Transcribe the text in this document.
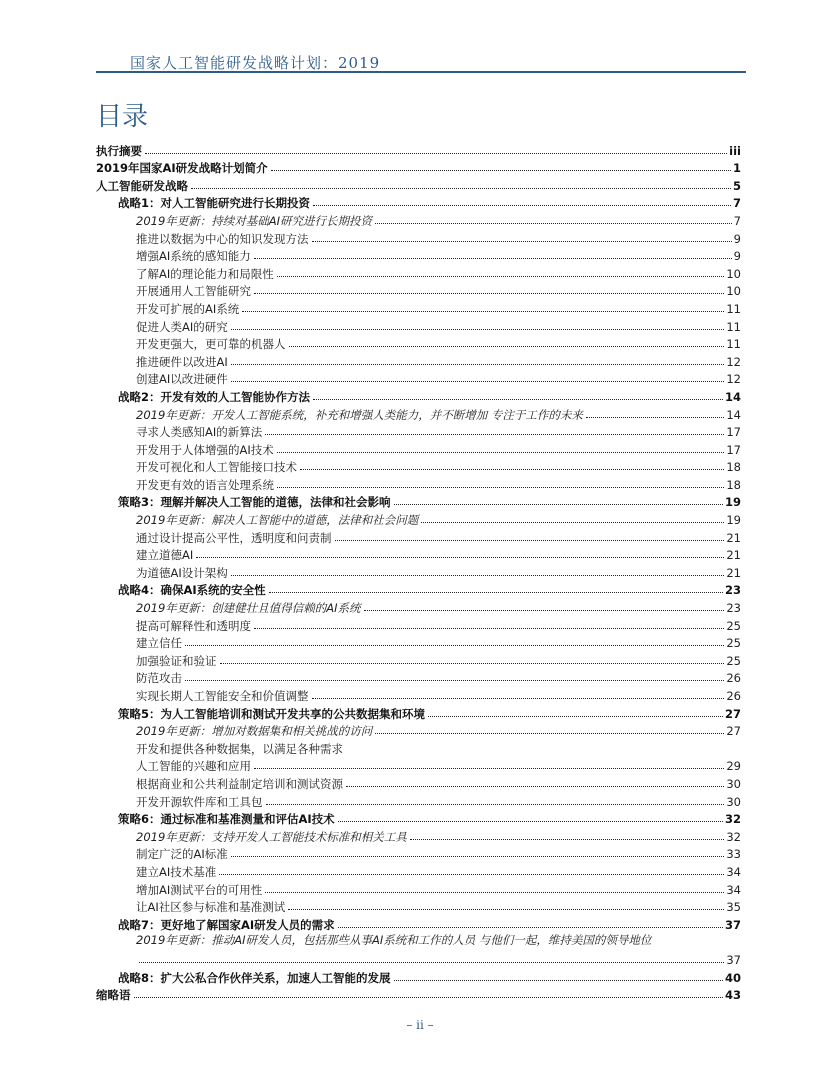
国家人工智能研发战略计划：2019
目录
执行摘要	iii
2019年国家AI研发战略计划简介	1
人工智能研发战略	5
战略1：对人工智能研究进行长期投资	7
2019年更新：持续对基础AI研究进行长期投资	7
推进以数据为中心的知识发现方法	9
增强AI系统的感知能力	9
了解AI的理论能力和局限性	10
开展通用人工智能研究	10
开发可扩展的AI系统	11
促进人类AI的研究	11
开发更强大，更可靠的机器人	11
推进硬件以改进AI	12
创建AI以改进硬件	12
战略2：开发有效的人工智能协作方法	14
2019年更新：开发人工智能系统，补充和增强人类能力，并不断增加 专注于工作的未来	14
寻求人类感知AI的新算法	17
开发用于人体增强的AI技术	17
开发可视化和人工智能接口技术	18
开发更有效的语言处理系统	18
策略3：理解并解决人工智能的道德，法律和社会影响	19
2019年更新：解决人工智能中的道德，法律和社会问题	19
通过设计提高公平性，透明度和问责制	21
建立道德AI	21
为道德AI设计架构	21
战略4：确保AI系统的安全性	23
2019年更新：创建健壮且值得信赖的AI系统	23
提高可解释性和透明度	25
建立信任	25
加强验证和验证	25
防范攻击	26
实现长期人工智能安全和价值调整	26
策略5：为人工智能培训和测试开发共享的公共数据集和环境	27
2019年更新：增加对数据集和相关挑战的访问	27
开发和提供各种数据集，以满足各种需求
人工智能的兴趣和应用	29
根据商业和公共利益制定培训和测试资源	30
开发开源软件库和工具包	30
策略6：通过标准和基准测量和评估AI技术	32
2019年更新：支持开发人工智能技术标准和相关工具	32
制定广泛的AI标准	33
建立AI技术基准	34
增加AI测试平台的可用性	34
让AI社区参与标准和基准测试	35
战略7：更好地了解国家AI研发人员的需求	37
2019年更新：推动AI研发人员，包括那些从事AI系统和工作的人员 与他们一起，维持美国的领导地位
37
战略8：扩大公私合作伙伴关系，加速人工智能的发展	40
缩略语	43
– ii –
